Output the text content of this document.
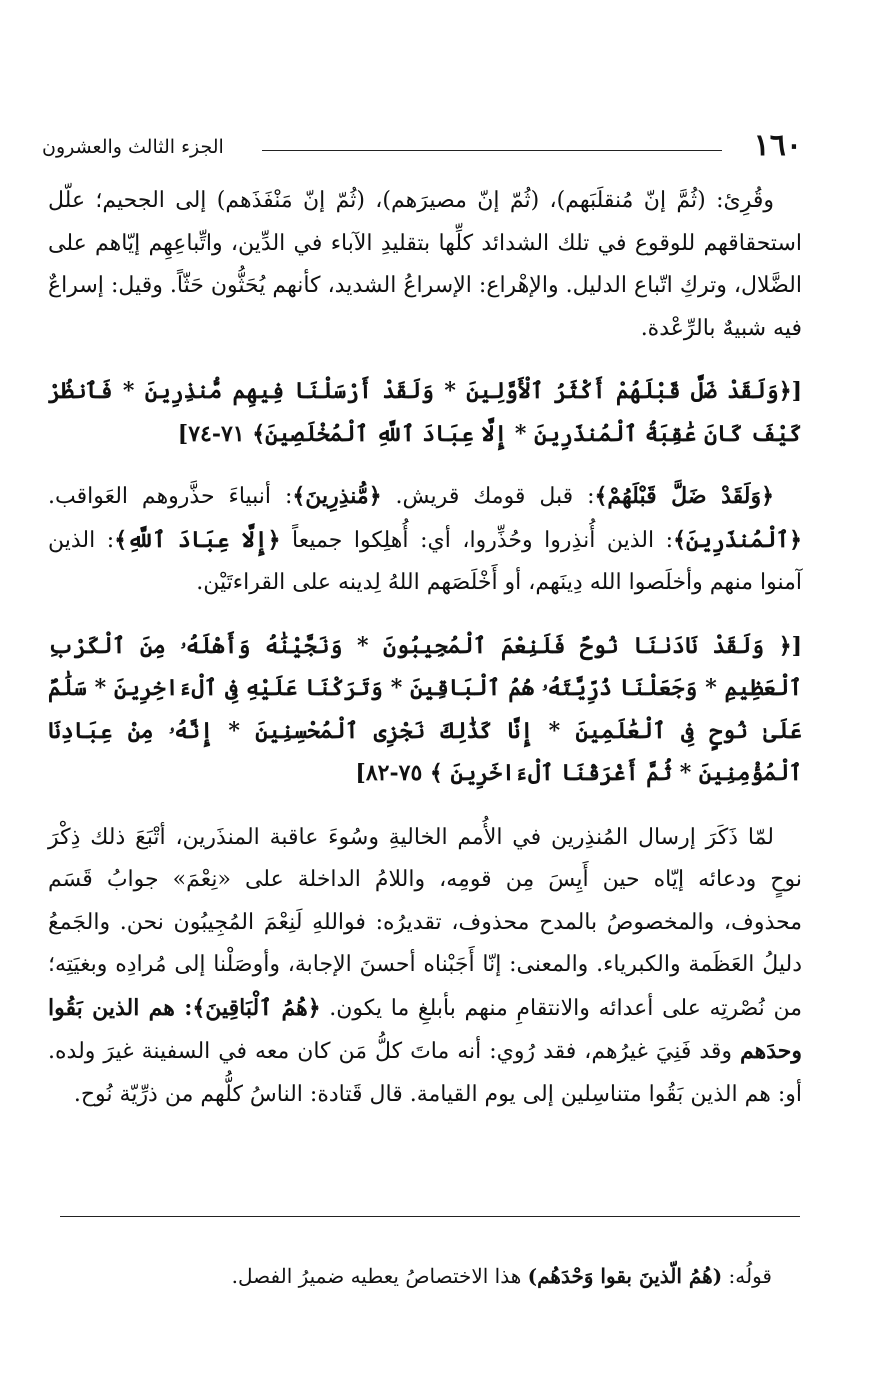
١٦٠
الجزء الثالث والعشرون

وقُرِئ: (ثُمَّ إنّ مُنقلَبَهم)، (ثُمّ إنّ مصيرَهم)، (ثُمّ إنّ مَنْفَذَهم) إلى الجحيم؛ علّل استحقاقهم للوقوع في تلك الشدائد كلِّها بتقليدِ الآباء في الدِّين، واتِّباعِهِم إيّاهم على الضَّلال، وتركِ اتّباع الدليل. والإهْراع: الإسراعُ الشديد، كأنهم يُحَثُّون حَثّاً. وقيل: إسراعٌ فيه شبيهٌ بالرِّعْدة.

[﴿وَلَقَدْ ضَلَّ قَبْلَهُمْ أَكْثَرُ ٱلْأَوَّلِينَ * وَلَقَدْ أَرْسَلْنَا فِيهِم مُّنذِرِينَ * فَٱنظُرْ كَيْفَ كَانَ عَٰقِبَةُ ٱلْمُنذَرِينَ * إِلَّا عِبَادَ ٱللَّهِ ٱلْمُخْلَصِينَ﴾ ٧١-٧٤]

﴿وَلَقَدْ ضَلَّ قَبْلَهُمْ﴾: قبل قومك قريش. ﴿مُّنذِرِينَ﴾: أنبياءَ حذَّروهم العَواقب. ﴿ٱلْمُنذَرِينَ﴾: الذين أُنذِروا وحُذِّروا، أي: أُهلِكوا جميعاً ﴿إِلَّا عِبَادَ ٱللَّهِ﴾: الذين آمنوا منهم وأخلَصوا الله دِينَهم، أو أَخْلَصَهم اللهُ لِدينه على القراءتَيْن.

[﴿ وَلَقَدْ نَادَىٰنَا نُوحٌ فَلَنِعْمَ ٱلْمُجِيبُونَ * وَنَجَّيْنَٰهُ وَأَهْلَهُۥ مِنَ ٱلْكَرْبِ ٱلْعَظِيمِ * وَجَعَلْنَا ذُرِّيَّتَهُۥ هُمُ ٱلْبَاقِينَ * وَتَرَكْنَا عَلَيْهِ فِى ٱلْءَاخِرِينَ * سَلَٰمٌ عَلَىٰ نُوحٍ فِى ٱلْعَٰلَمِينَ * إِنَّا كَذَٰلِكَ نَجْزِى ٱلْمُحْسِنِينَ * إِنَّهُۥ مِنْ عِبَادِنَا ٱلْمُؤْمِنِينَ * ثُمَّ أَغْرَقْنَا ٱلْءَاخَرِينَ ﴾ ٧٥-٨٢]

لمّا ذَكَرَ إرسال المُنذِرين في الأُمم الخاليةِ وسُوءَ عاقبة المنذَرين، أتْبَعَ ذلك ذِكْرَ نوحٍ ودعائه إيّاه حين أَيِسَ مِن قومِه، واللامُ الداخلة على «نِعْمَ» جوابُ قَسَم محذوف، والمخصوصُ بالمدح محذوف، تقديرُه: فواللهِ لَنِعْمَ المُجِيبُون نحن. والجَمعُ دليلُ العَظَمة والكبرياء. والمعنى: إنّا أَجَبْناه أحسنَ الإجابة، وأوصَلْنا إلى مُرادِه وبغيَتِه؛ من نُصْرتِه على أعدائه والانتقامِ منهم بأبلغِ ما يكون. ﴿هُمُ ٱلْبَاقِينَ﴾: هم الذين بَقُوا وحدَهم وقد فَنِيَ غيرُهم، فقد رُوي: أنه ماتَ كلُّ مَن كان معه في السفينة غيرَ ولده. أو: هم الذين بَقُوا متناسِلين إلى يوم القيامة. قال قَتادة: الناسُ كلُّهم من ذرِّيّة نُوح.

قولُه: (هُمُ الّذينَ بقوا وَحْدَهُم) هذا الاختصاصُ يعطيه ضميرُ الفصل.
